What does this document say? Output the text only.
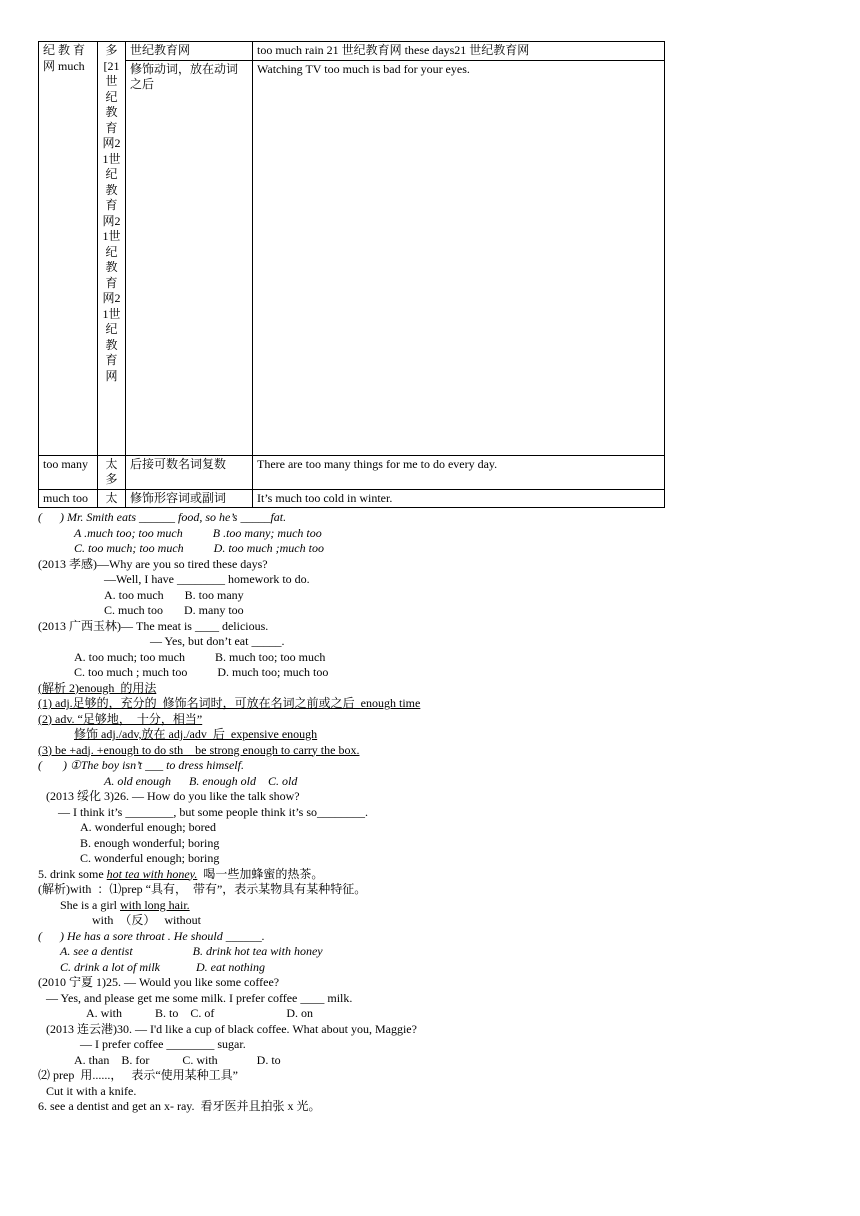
纪 教 育 网 much	多[21世纪教育网21世纪教育网21世纪教育网21世纪教育网	世纪教育网	too much rain 21 世纪教育网 these days21 世纪教育网
		修饰动词，放在动词之后	Watching TV too much is bad for your eyes.
too many	太多	后接可数名词复数	There are too many things for me to do every day.
much too	太	修饰形容词或副词	It’s much too cold in winter.
(      ) Mr. Smith eats ______ food, so he’s _____fat.
A .much too; too much          B .too many; much too
C. too much; too much          D. too much ;much too
(2013 孝感)—Why are you so tired these days?
—Well, I have ________ homework to do.
A. too much       B. too many
C. much too       D. many too
(2013 广西玉林)— The meat is ____ delicious.
— Yes, but don’t eat _____.
A. too much; too much          B. much too; too much
C. too much ; much too          D. much too; much too
(解析 2)enough  的用法
(1) adj.足够的，充分的  修饰名词时，可放在名词之前或之后  enough time
(2) adv. “足够地，  十分，相当”
修饰 adj./adv,放在 adj./adv  后  expensive enough
(3) be +adj. +enough to do sth    be strong enough to carry the box.
(       ) ①The boy isn’t ___ to dress himself.
A. old enough      B. enough old    C. old
(2013 绥化 3)26. — How do you like the talk show?
— I think it’s ________, but some people think it’s so________.
A. wonderful enough; bored
B. enough wonderful; boring
C. wonderful enough; boring
5. drink some hot tea with honey. 喝一些加蜂蜜的热茶。
(解析)with  ：⑴prep “具有，  带有”，表示某物具有某种特征。
She is a girl with long hair.
with  （反）   without
(      ) He has a sore throat . He should ______.
A. see a dentist                    B. drink hot tea with honey
C. drink a lot of milk            D. eat nothing
(2010 宁夏 1)25. — Would you like some coffee?
— Yes, and please get me some milk. I prefer coffee ____ milk.
A. with           B. to    C. of                        D. on
(2013 连云港)30. — I'd like a cup of black coffee. What about you, Maggie?
— I prefer coffee ________ sugar.
A. than    B. for           C. with             D. to
⑵ prep  用......，   表示“使用某种工具”
Cut it with a knife.
6. see a dentist and get an x- ray.  看牙医并且拍张 x 光。
